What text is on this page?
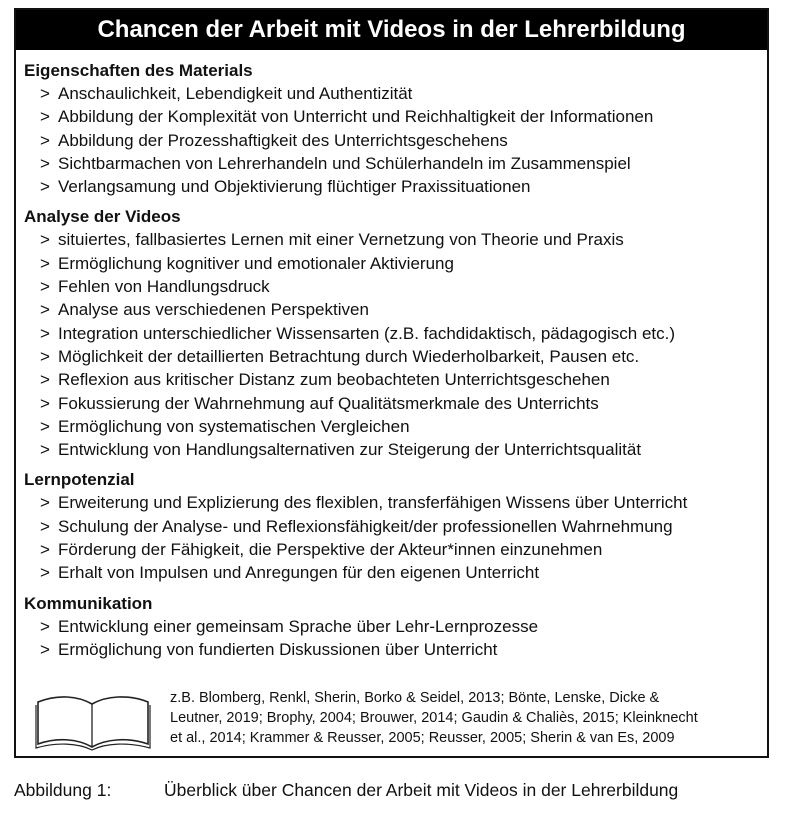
Chancen der Arbeit mit Videos in der Lehrerbildung
Eigenschaften des Materials
> Anschaulichkeit, Lebendigkeit und Authentizität
> Abbildung der Komplexität von Unterricht und Reichhaltigkeit der Informationen
> Abbildung der Prozesshaftigkeit des Unterrichtsgeschehens
> Sichtbarmachen von Lehrerhandeln und Schülerhandeln im Zusammenspiel
> Verlangsamung und Objektivierung flüchtiger Praxissituationen
Analyse der Videos
> situiertes, fallbasiertes Lernen mit einer Vernetzung von Theorie und Praxis
> Ermöglichung kognitiver und emotionaler Aktivierung
> Fehlen von Handlungsdruck
> Analyse aus verschiedenen Perspektiven
> Integration unterschiedlicher Wissensarten (z.B. fachdidaktisch, pädagogisch etc.)
> Möglichkeit der detaillierten Betrachtung durch Wiederholbarkeit, Pausen etc.
> Reflexion aus kritischer Distanz zum beobachteten Unterrichtsgeschehen
> Fokussierung der Wahrnehmung auf Qualitätsmerkmale des Unterrichts
> Ermöglichung von systematischen Vergleichen
> Entwicklung von Handlungsalternativen zur Steigerung der Unterrichtsqualität
Lernpotenzial
> Erweiterung und Explizierung des flexiblen, transferfähigen Wissens über Unterricht
> Schulung der Analyse- und Reflexionsfähigkeit/der professionellen Wahrnehmung
> Förderung der Fähigkeit, die Perspektive der Akteur*innen einzunehmen
> Erhalt von Impulsen und Anregungen für den eigenen Unterricht
Kommunikation
> Entwicklung einer gemeinsam Sprache über Lehr-Lernprozesse
> Ermöglichung von fundierten Diskussionen über Unterricht
z.B. Blomberg, Renkl, Sherin, Borko & Seidel, 2013; Bönte, Lenske, Dicke &
Leutner, 2019; Brophy, 2004; Brouwer, 2014; Gaudin & Chaliès, 2015; Kleinknecht
et al., 2014; Krammer & Reusser, 2005; Reusser, 2005; Sherin & van Es, 2009
Abbildung 1:	Überblick über Chancen der Arbeit mit Videos in der Lehrerbildung
